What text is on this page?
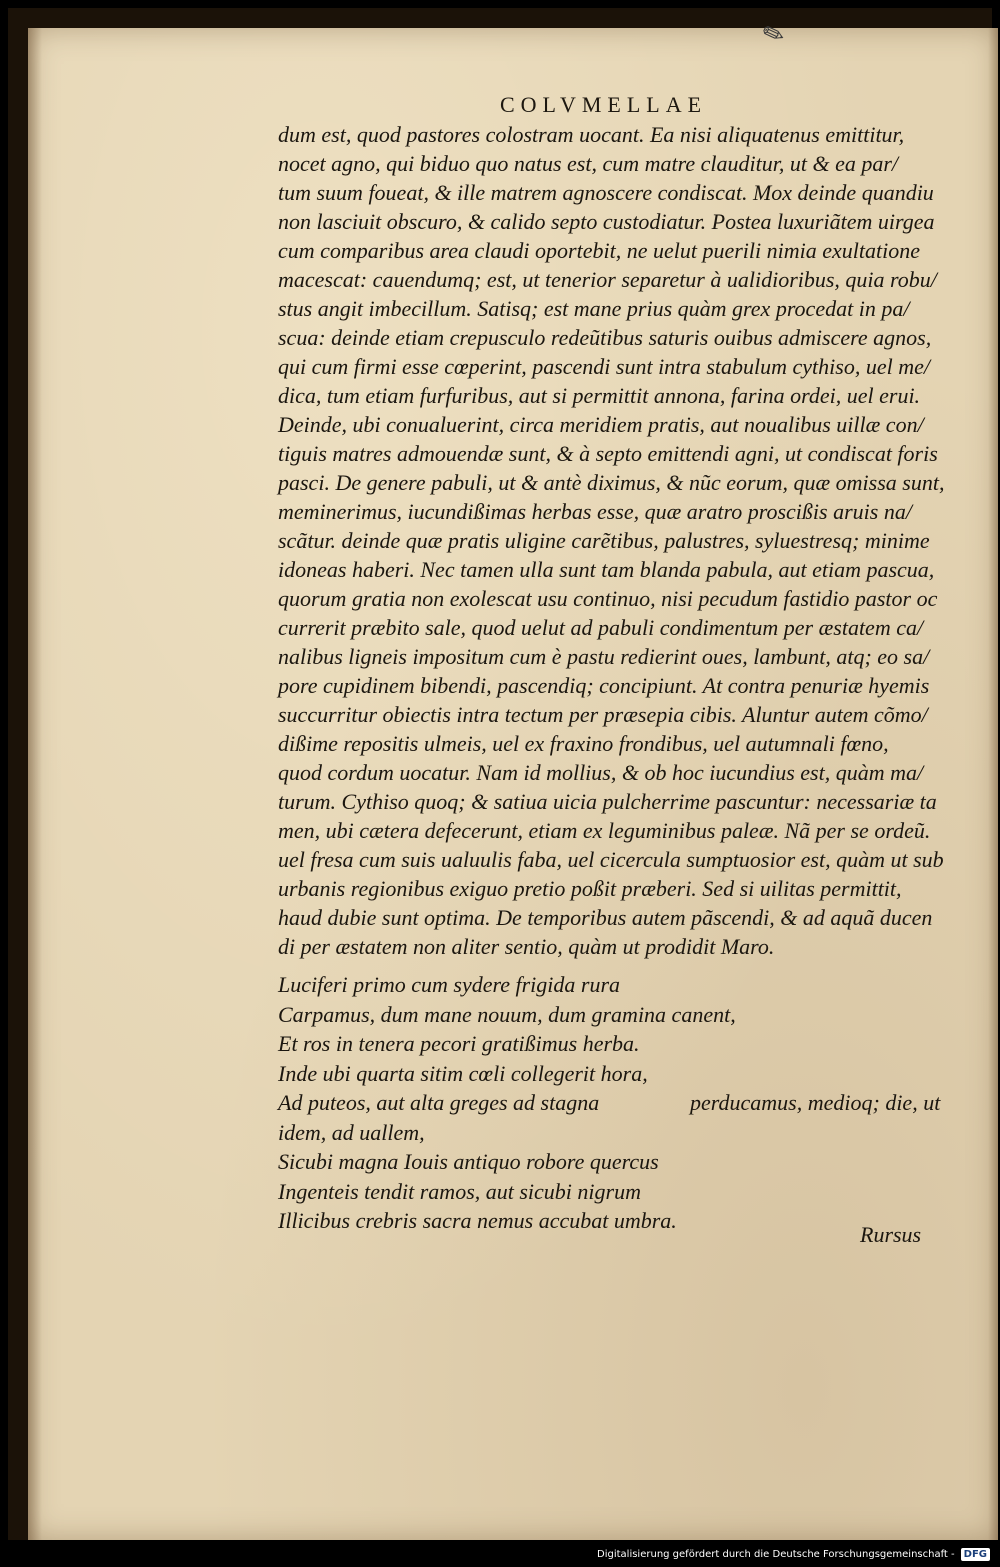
✎
COLVMELLAE
dum est, quod pastores colostram uocant. Ea nisi aliquatenus emittitur,
nocet agno, qui biduo quo natus est, cum matre clauditur, ut & ea par/
tum suum foueat, & ille matrem agnoscere condiscat. Mox deinde quandiu
non lasciuit obscuro, & calido septo custodiatur. Postea luxuriãtem uirgea
cum comparibus area claudi oportebit, ne uelut puerili nimia exultatione
macescat: cauendumq; est, ut tenerior separetur à ualidioribus, quia robu/
stus angit imbecillum. Satisq; est mane prius quàm grex procedat in pa/
scua: deinde etiam crepusculo redeũtibus saturis ouibus admiscere agnos,
qui cum firmi esse cœperint, pascendi sunt intra stabulum cythiso, uel me/
dica, tum etiam furfuribus, aut si permittit annona, farina ordei, uel erui.
Deinde, ubi conualuerint, circa meridiem pratis, aut noualibus uillæ con/
tiguis matres admouendæ sunt, & à septo emittendi agni, ut condiscat foris
pasci. De genere pabuli, ut & antè diximus, & nũc eorum, quæ omissa sunt,
meminerimus, iucundißimas herbas esse, quæ aratro proscißis aruis na/
scãtur. deinde quæ pratis uligine carẽtibus, palustres, syluestresq; minime
idoneas haberi. Nec tamen ulla sunt tam blanda pabula, aut etiam pascua,
quorum gratia non exolescat usu continuo, nisi pecudum fastidio pastor oc
currerit præbito sale, quod uelut ad pabuli condimentum per æstatem ca/
nalibus ligneis impositum cum è pastu redierint oues, lambunt, atq; eo sa/
pore cupidinem bibendi, pascendiq; concipiunt. At contra penuriæ hyemis
succurritur obiectis intra tectum per præsepia cibis. Aluntur autem cõmo/
dißime repositis ulmeis, uel ex fraxino frondibus, uel autumnali fœno,
quod cordum uocatur. Nam id mollius, & ob hoc iucundius est, quàm ma/
turum. Cythiso quoq; & satiua uicia pulcherrime pascuntur: necessariæ ta
men, ubi cætera defecerunt, etiam ex leguminibus paleæ. Nã per se ordeũ.
uel fresa cum suis ualuulis faba, uel cicercula sumptuosior est, quàm ut sub
urbanis regionibus exiguo pretio poßit præberi. Sed si uilitas permittit,
haud dubie sunt optima. De temporibus autem pãscendi, & ad aquã ducen
di per æstatem non aliter sentio, quàm ut prodidit Maro.
Luciferi primo cum sydere frigida rura
Carpamus, dum mane nouum, dum gramina canent,
Et ros in tenera pecori gratißimus herba.
Inde ubi quarta sitim cœli collegerit hora,
Ad puteos, aut alta greges ad stagna	perducamus, medioq; die, ut
idem, ad uallem,
Sicubi magna Iouis antiquo robore quercus
Ingenteis tendit ramos, aut sicubi nigrum
Illicibus crebris sacra nemus accubat umbra.
Rursus
Digitalisierung gefördert durch die Deutsche Forschungsgemeinschaft - DFG
